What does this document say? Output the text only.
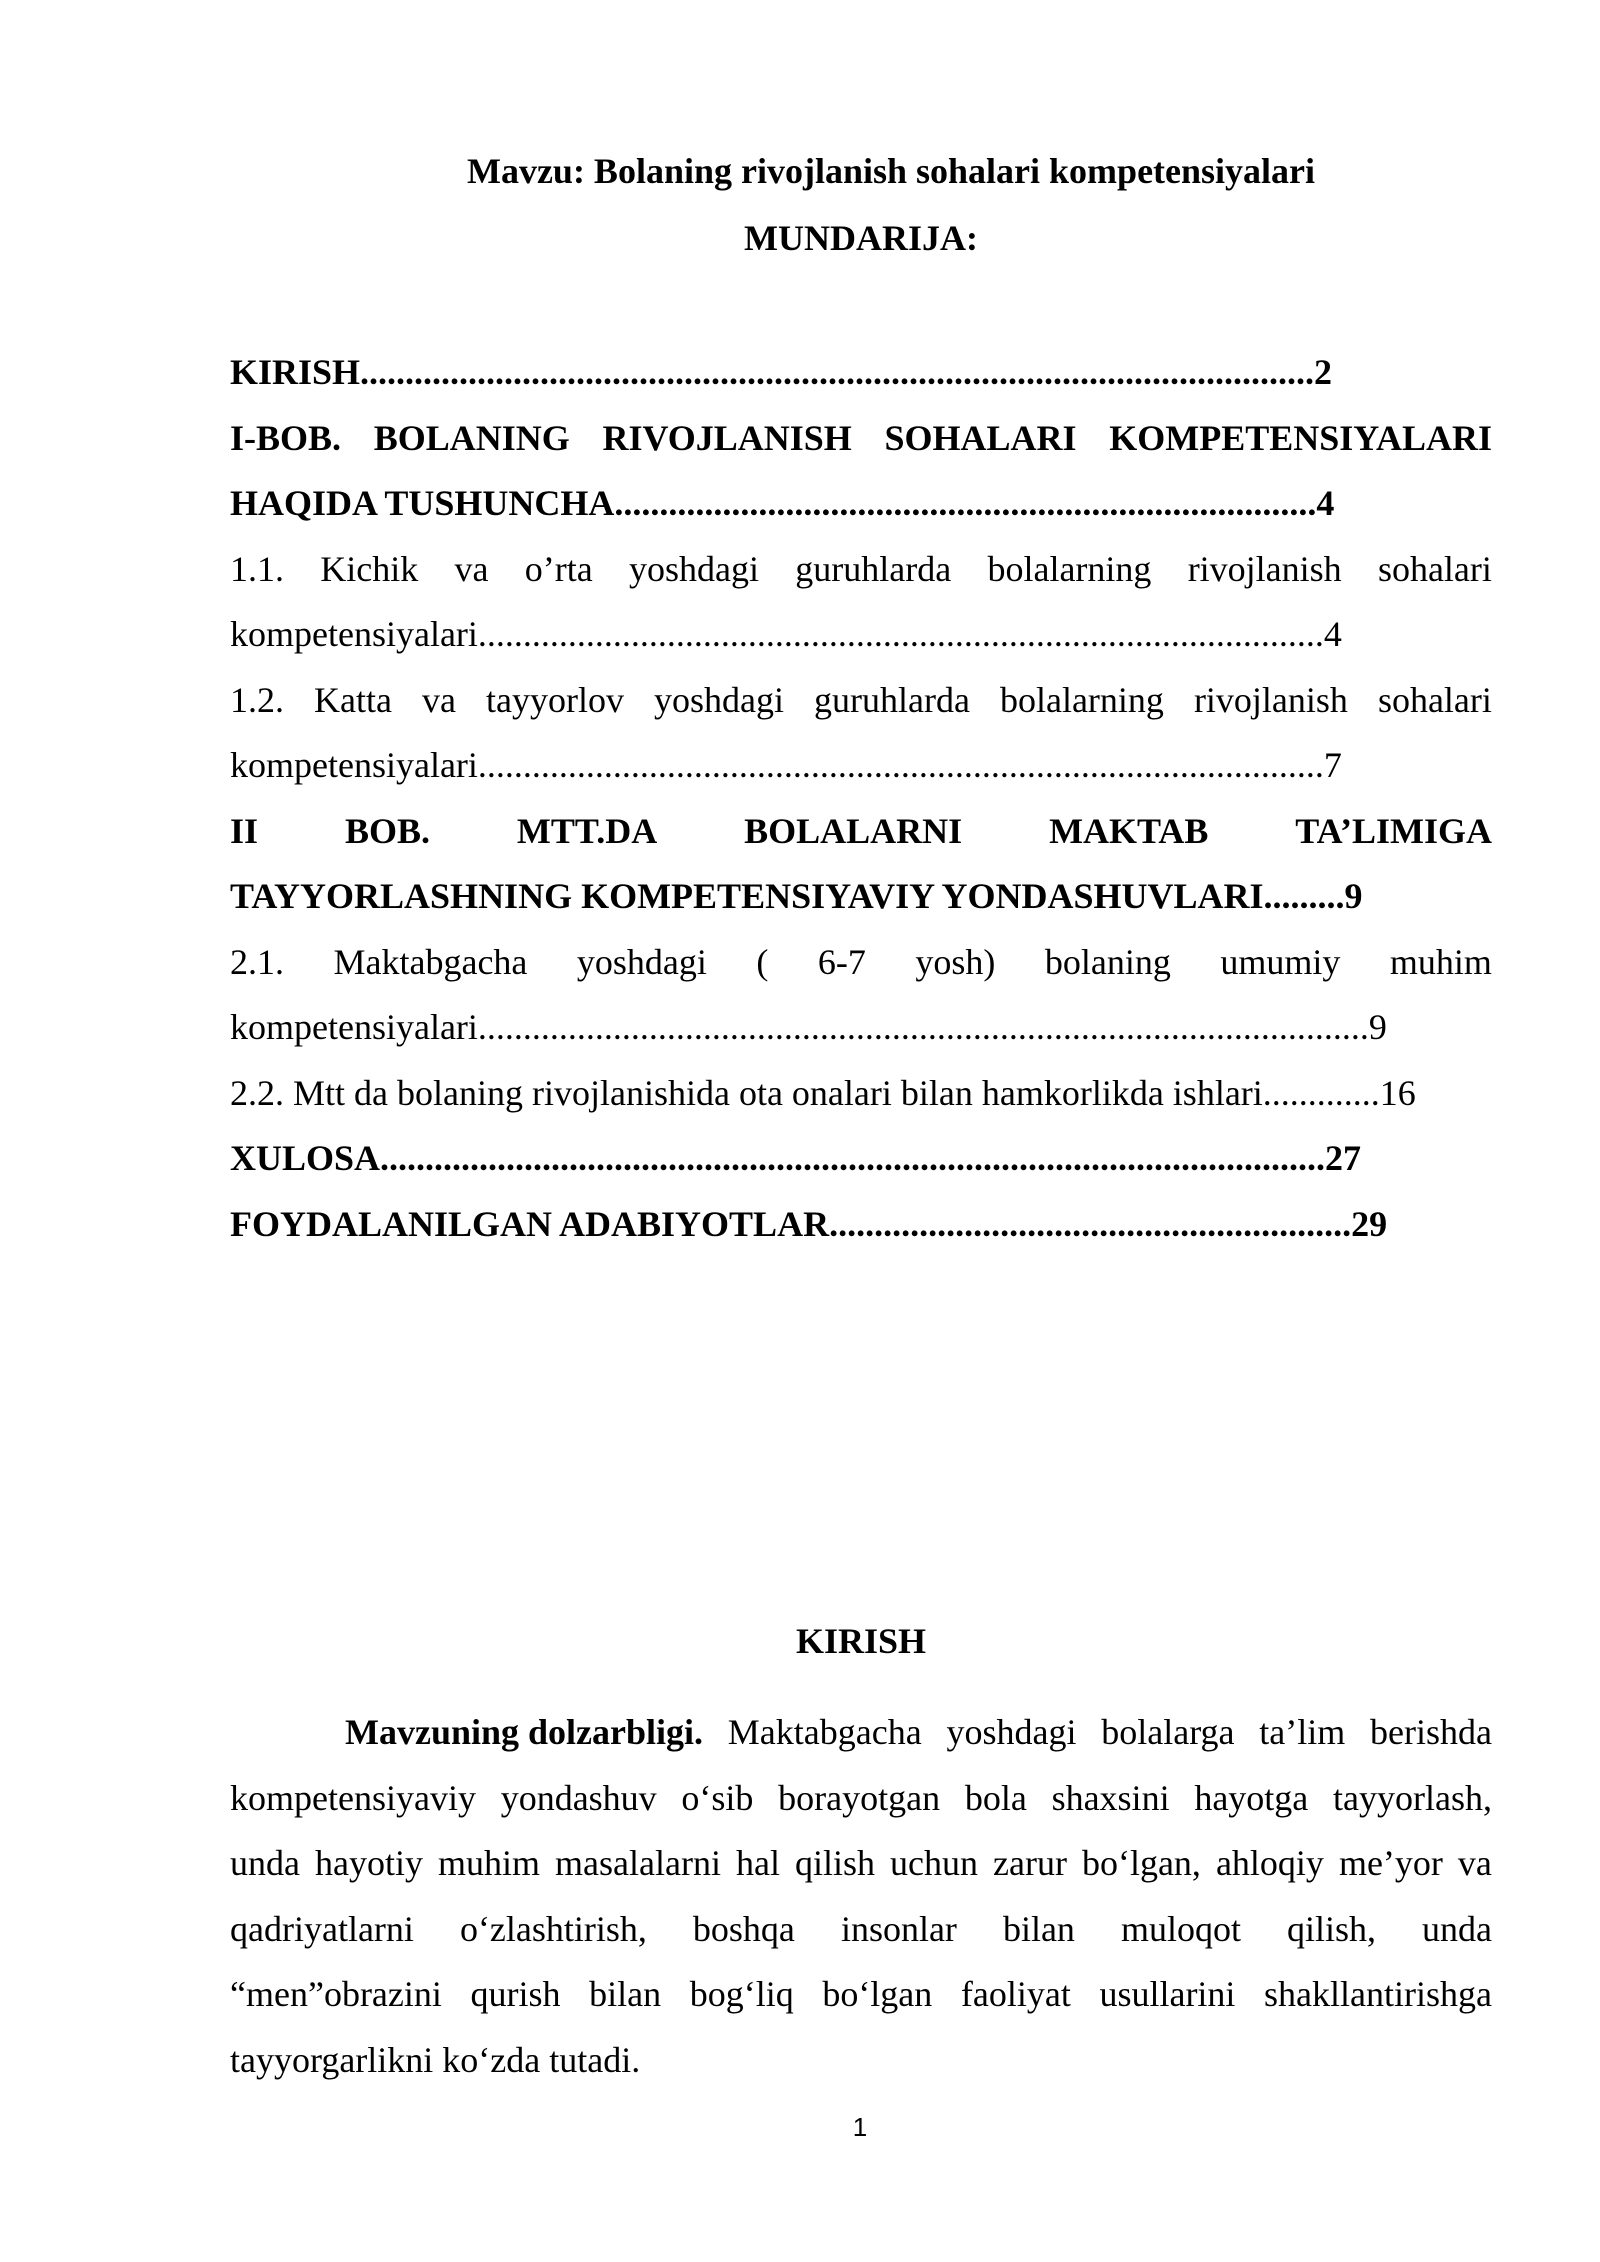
Mavzu: Bolaning rivojlanish sohalari kompetensiyalari
MUNDARIJA:
KIRISH..........................................................................................................2
I-BOB. BOLANING RIVOJLANISH SOHALARI KOMPETENSIYALARI
HAQIDA TUSHUNCHA..............................................................................4
1.1. Kichik va o’rta yoshdagi guruhlarda bolalarning rivojlanish sohalari
kompetensiyalari..............................................................................................4
1.2. Katta va tayyorlov yoshdagi guruhlarda bolalarning rivojlanish sohalari
kompetensiyalari..............................................................................................7
II BOB. MTT.DA BOLALARNI MAKTAB TA’LIMIGA
TAYYORLASHNING KOMPETENSIYAVIY YONDASHUVLARI.........9
2.1. Maktabgacha yoshdagi ( 6-7 yosh) bolaning umumiy muhim
kompetensiyalari...................................................................................................9
2.2. Mtt da bolaning rivojlanishida ota onalari bilan hamkorlikda ishlari.............16
XULOSA.........................................................................................................27
FOYDALANILGAN ADABIYOTLAR..........................................................29
KIRISH
Mavzuning dolzarbligi. Maktabgacha yoshdagi bolalarga ta’lim berishda
kompetensiyaviy yondashuv o‘sib borayotgan bola shaxsini hayotga tayyorlash,
unda hayotiy muhim masalalarni hal qilish uchun zarur bo‘lgan, ahloqiy me’yor va
qadriyatlarni o‘zlashtirish, boshqa insonlar bilan muloqot qilish, unda
“men”obrazini qurish bilan bog‘liq bo‘lgan faoliyat usullarini shakllantirishga
tayyorgarlikni ko‘zda tutadi.
1
